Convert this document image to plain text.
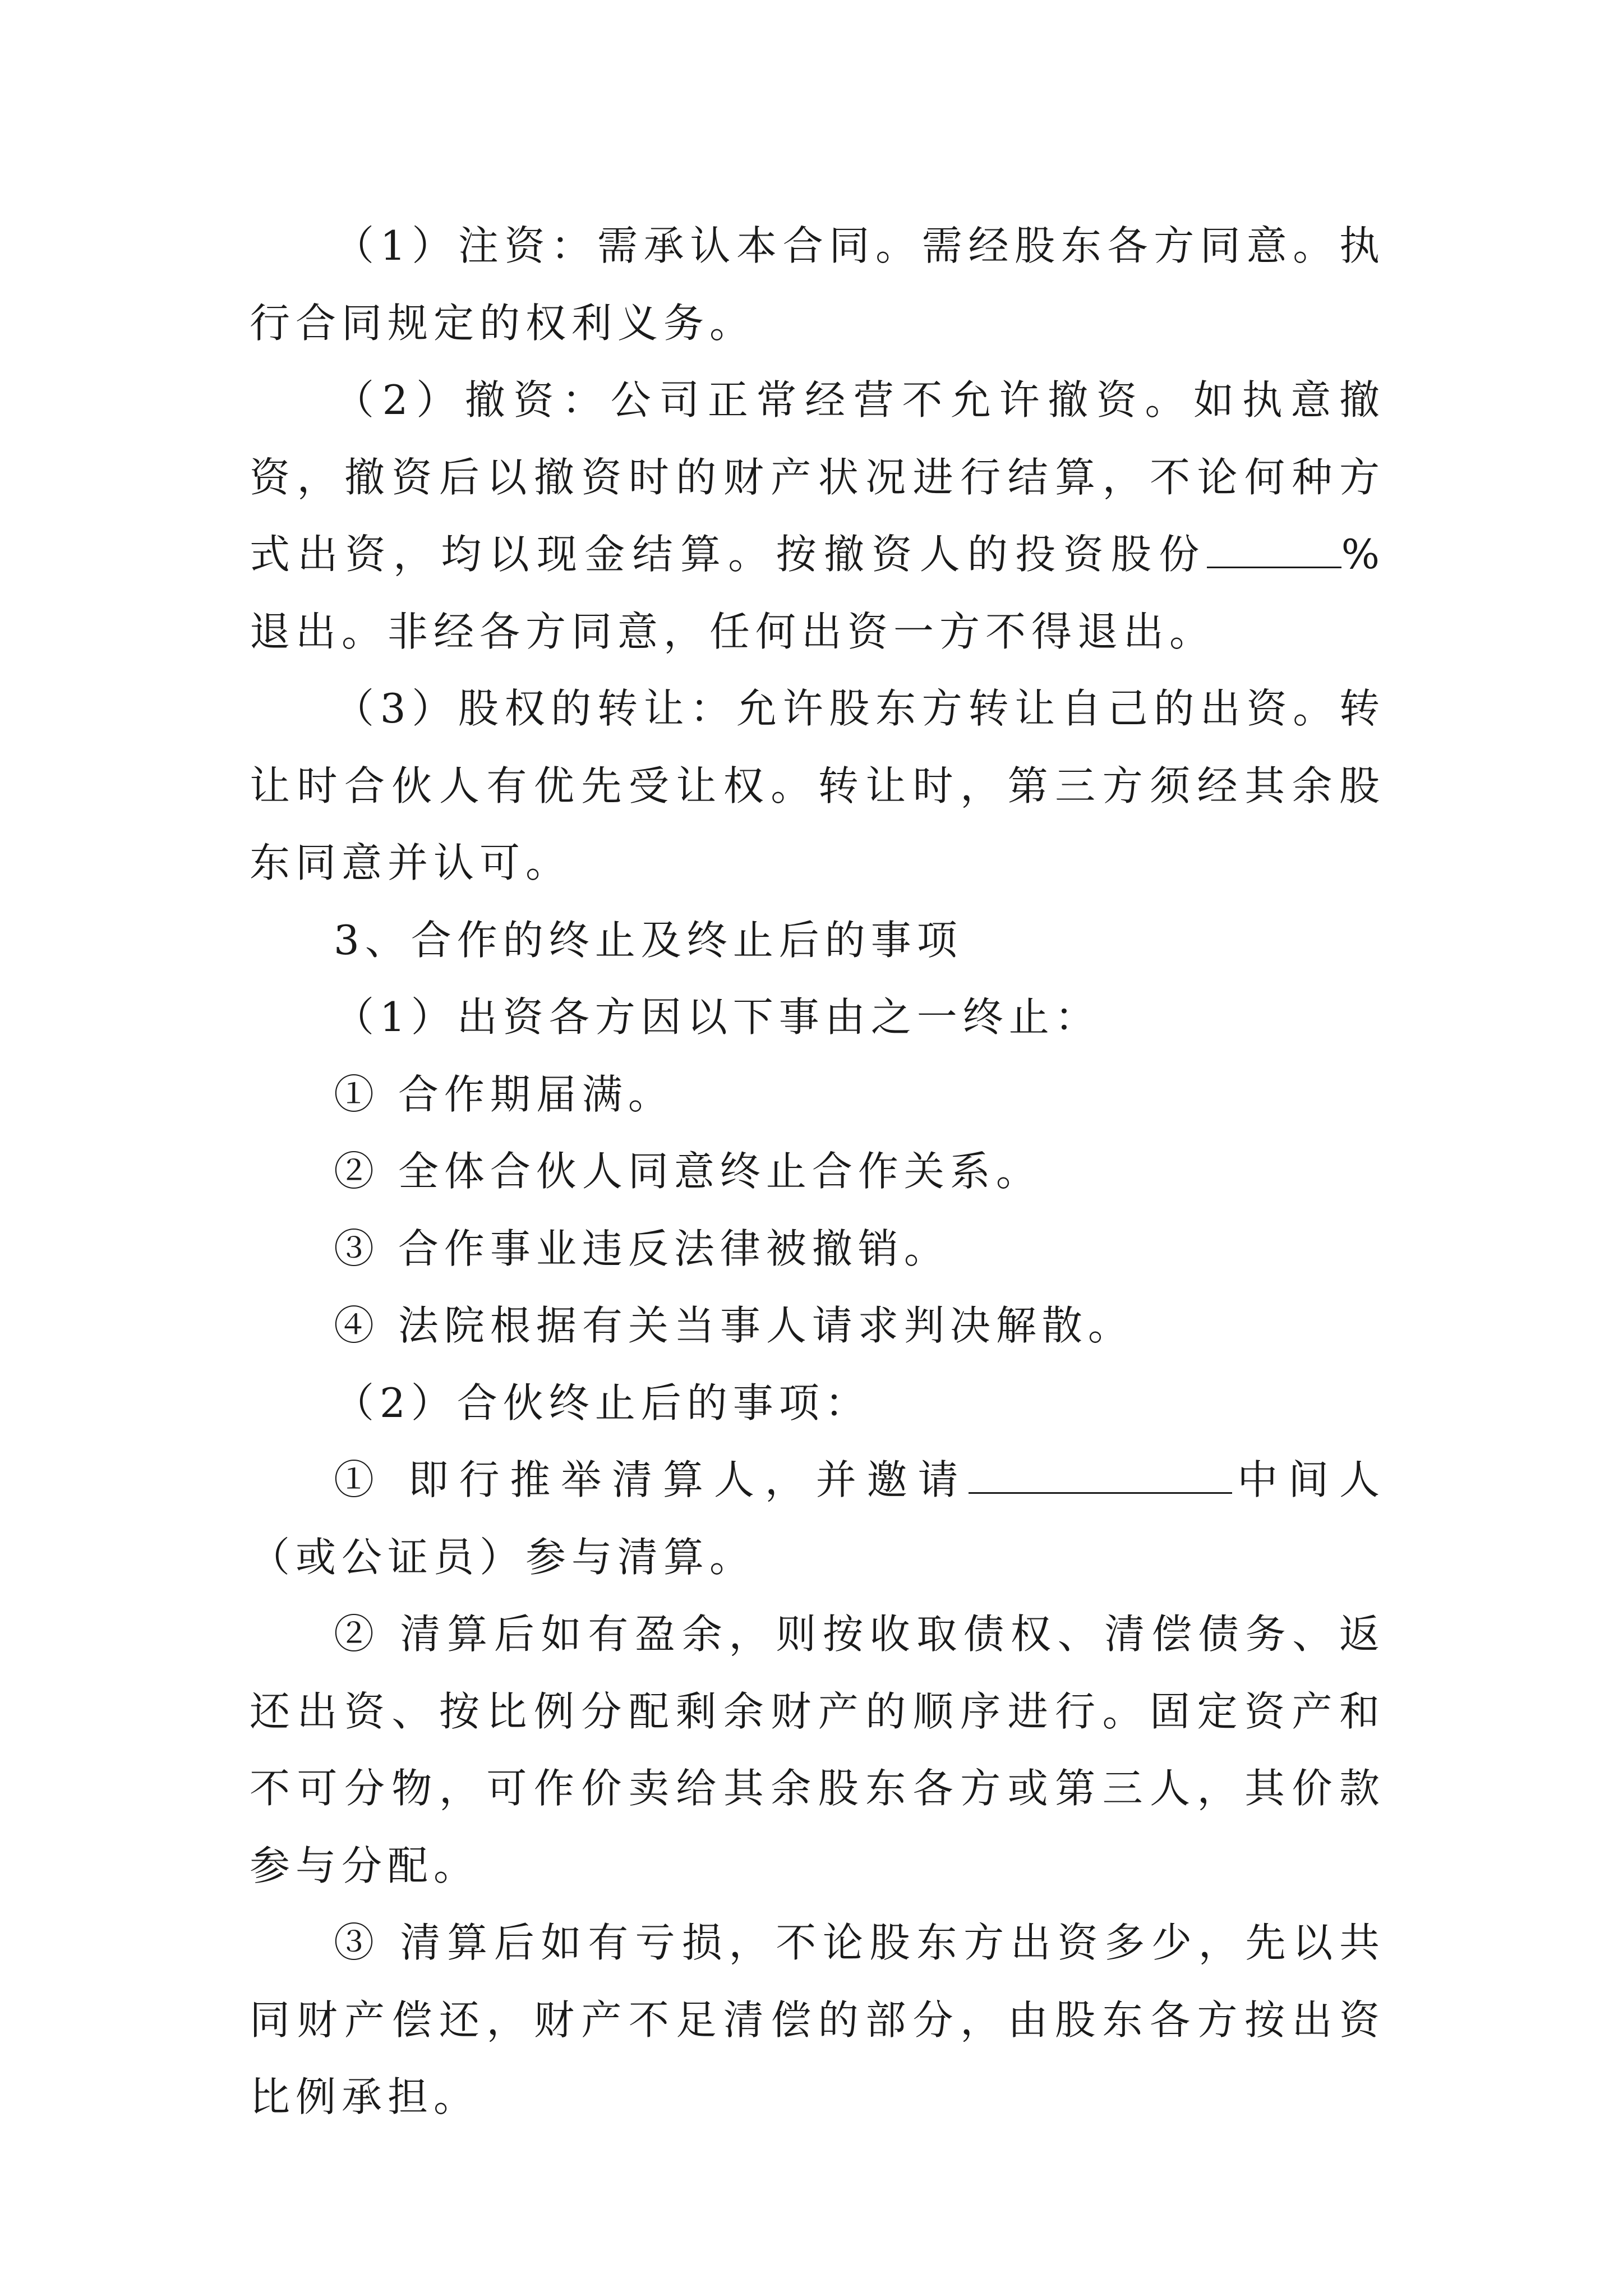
（1）注资：需承认本合同。需经股东各方同意。执行合同规定的权利义务。

（2）撤资：公司正常经营不允许撤资。如执意撤资，撤资后以撤资时的财产状况进行结算，不论何种方式出资，均以现金结算。按撤资人的投资股份	%退出。非经各方同意，任何出资一方不得退出。

（3）股权的转让：允许股东方转让自己的出资。转让时合伙人有优先受让权。转让时，第三方须经其余股东同意并认可。

3、合作的终止及终止后的事项

（1）出资各方因以下事由之一终止：

① 合作期届满。

② 全体合伙人同意终止合作关系。

③ 合作事业违反法律被撤销。

④ 法院根据有关当事人请求判决解散。

（2）合伙终止后的事项：

① 即行推举清算人，并邀请	中间人（或公证员）参与清算。

② 清算后如有盈余，则按收取债权、清偿债务、返还出资、按比例分配剩余财产的顺序进行。固定资产和不可分物，可作价卖给其余股东各方或第三人，其价款参与分配。

③ 清算后如有亏损，不论股东方出资多少，先以共同财产偿还，财产不足清偿的部分，由股东各方按出资比例承担。
